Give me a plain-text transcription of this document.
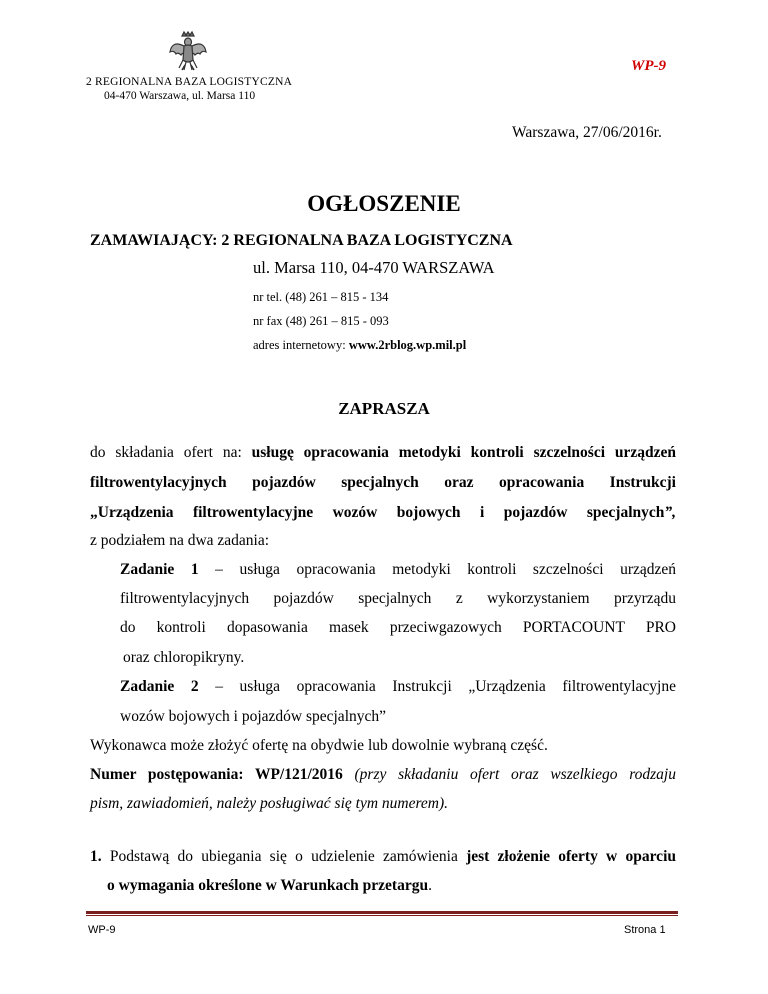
WP-9
2 REGIONALNA BAZA LOGISTYCZNA
04-470 Warszawa, ul. Marsa 110
Warszawa, 27/06/2016r.
OGŁOSZENIE
ZAMAWIAJĄCY: 2 REGIONALNA BAZA LOGISTYCZNA
ul. Marsa 110, 04-470 WARSZAWA
nr tel. (48) 261 – 815 - 134
nr fax (48) 261 – 815 - 093
adres internetowy: www.2rblog.wp.mil.pl
ZAPRASZA
do składania ofert na: usługę opracowania metodyki kontroli szczelności urządzeń
filtrowentylacyjnych pojazdów specjalnych oraz opracowania Instrukcji
„Urządzenia filtrowentylacyjne wozów bojowych i pojazdów specjalnych”,
z podziałem na dwa zadania:
Zadanie 1 – usługa opracowania metodyki kontroli szczelności urządzeń
filtrowentylacyjnych pojazdów specjalnych z wykorzystaniem przyrządu
do kontroli dopasowania masek przeciwgazowych PORTACOUNT PRO
oraz chloropikryny.
Zadanie 2 – usługa opracowania Instrukcji „Urządzenia filtrowentylacyjne
wozów bojowych i pojazdów specjalnych”
Wykonawca może złożyć ofertę na obydwie lub dowolnie wybraną część.
Numer postępowania: WP/121/2016 (przy składaniu ofert oraz wszelkiego rodzaju
pism, zawiadomień, należy posługiwać się tym numerem).
1. Podstawą do ubiegania się o udzielenie zamówienia jest złożenie oferty w oparciu
o wymagania określone w Warunkach przetargu.
WP-9	Strona 1
